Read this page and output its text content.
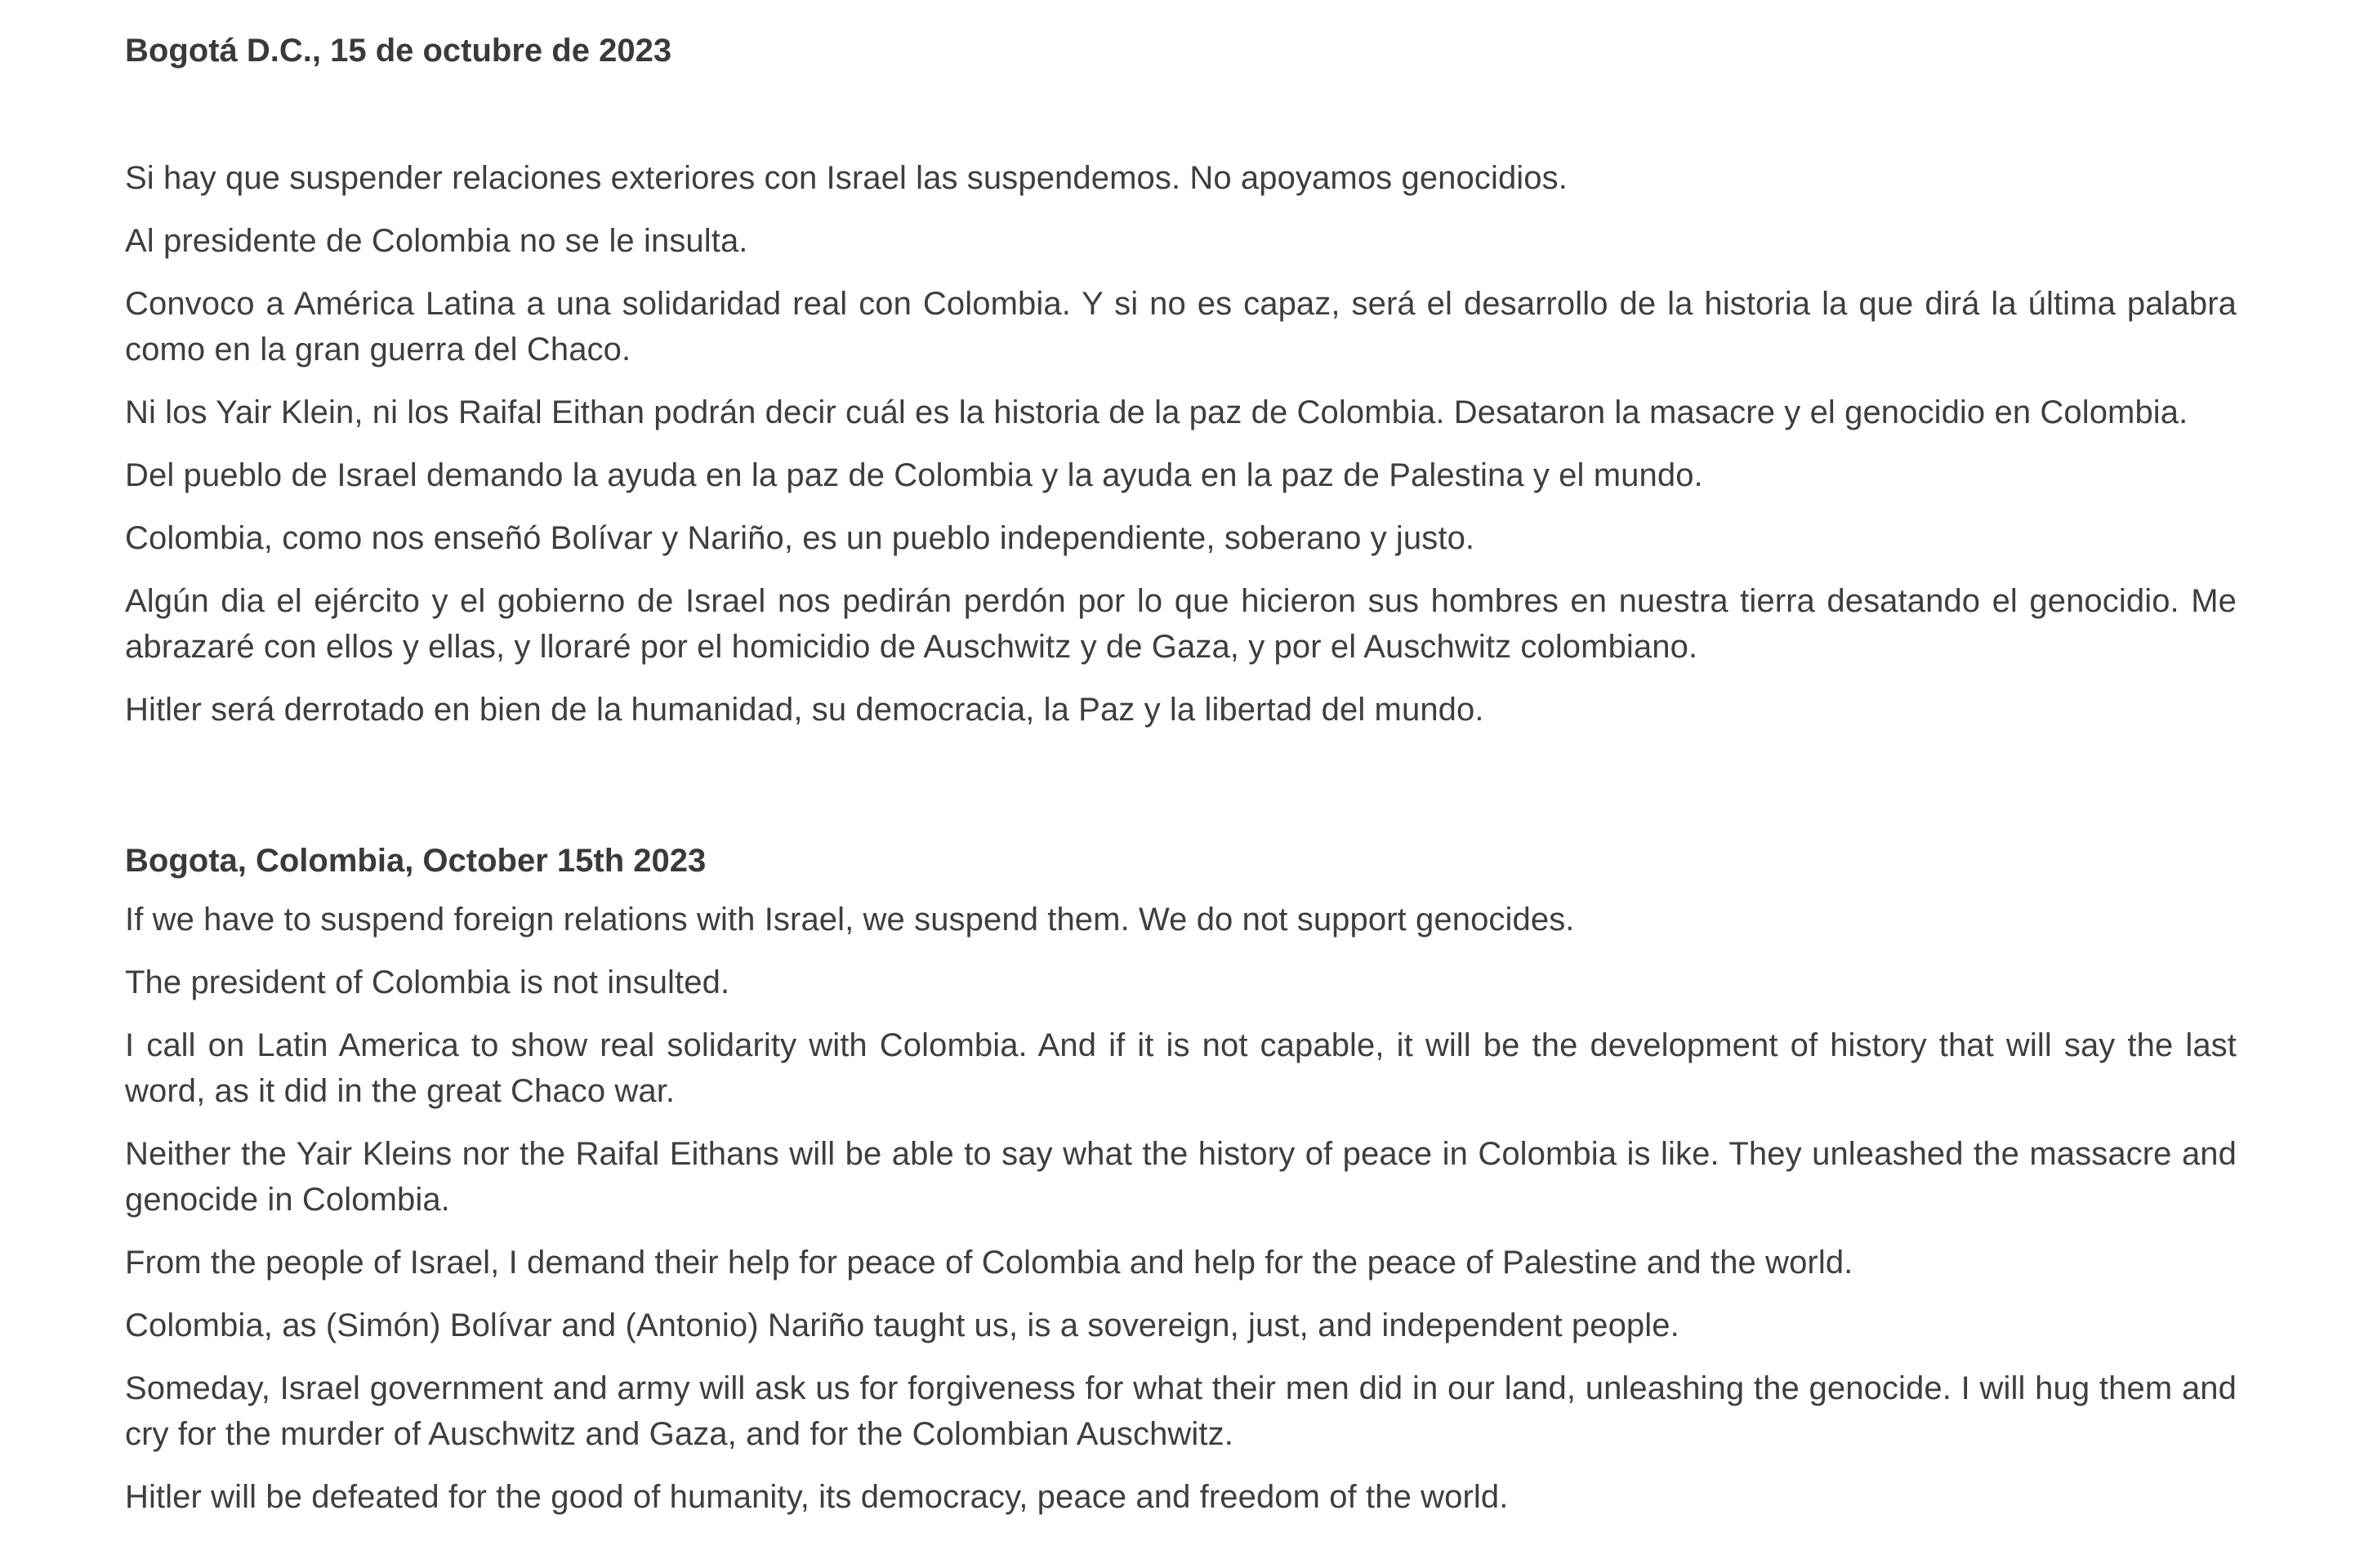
Bogotá D.C., 15 de octubre de 2023

Si hay que suspender relaciones exteriores con Israel las suspendemos. No apoyamos genocidios.

Al presidente de Colombia no se le insulta.

Convoco a América Latina a una solidaridad real con Colombia. Y si no es capaz, será el desarrollo de la historia la que dirá la última palabra como en la gran guerra del Chaco.

Ni los Yair Klein, ni los Raifal Eithan podrán decir cuál es la historia de la paz de Colombia. Desataron la masacre y el genocidio en Colombia.

Del pueblo de Israel demando la ayuda en la paz de Colombia y la ayuda en la paz de Palestina y el mundo.

Colombia, como nos enseñó Bolívar y Nariño, es un pueblo independiente, soberano y justo.

Algún dia el ejército y el gobierno de Israel nos pedirán perdón por lo que hicieron sus hombres en nuestra tierra desatando el genocidio. Me abrazaré con ellos y ellas, y lloraré por el homicidio de Auschwitz y de Gaza, y por el Auschwitz colombiano.

Hitler será derrotado en bien de la humanidad, su democracia, la Paz y la libertad del mundo.

Bogota, Colombia, October 15th 2023

If we have to suspend foreign relations with Israel, we suspend them. We do not support genocides.

The president of Colombia is not insulted.

I call on Latin America to show real solidarity with Colombia. And if it is not capable, it will be the development of history that will say the last word, as it did in the great Chaco war.

Neither the Yair Kleins nor the Raifal Eithans will be able to say what the history of peace in Colombia is like. They unleashed the massacre and genocide in Colombia.

From the people of Israel, I demand their help for peace of Colombia and help for the peace of Palestine and the world.

Colombia, as (Simón) Bolívar and (Antonio) Nariño taught us, is a sovereign, just, and independent people.

Someday, Israel government and army will ask us for forgiveness for what their men did in our land, unleashing the genocide. I will hug them and cry for the murder of Auschwitz and Gaza, and for the Colombian Auschwitz.

Hitler will be defeated for the good of humanity, its democracy, peace and freedom of the world.
